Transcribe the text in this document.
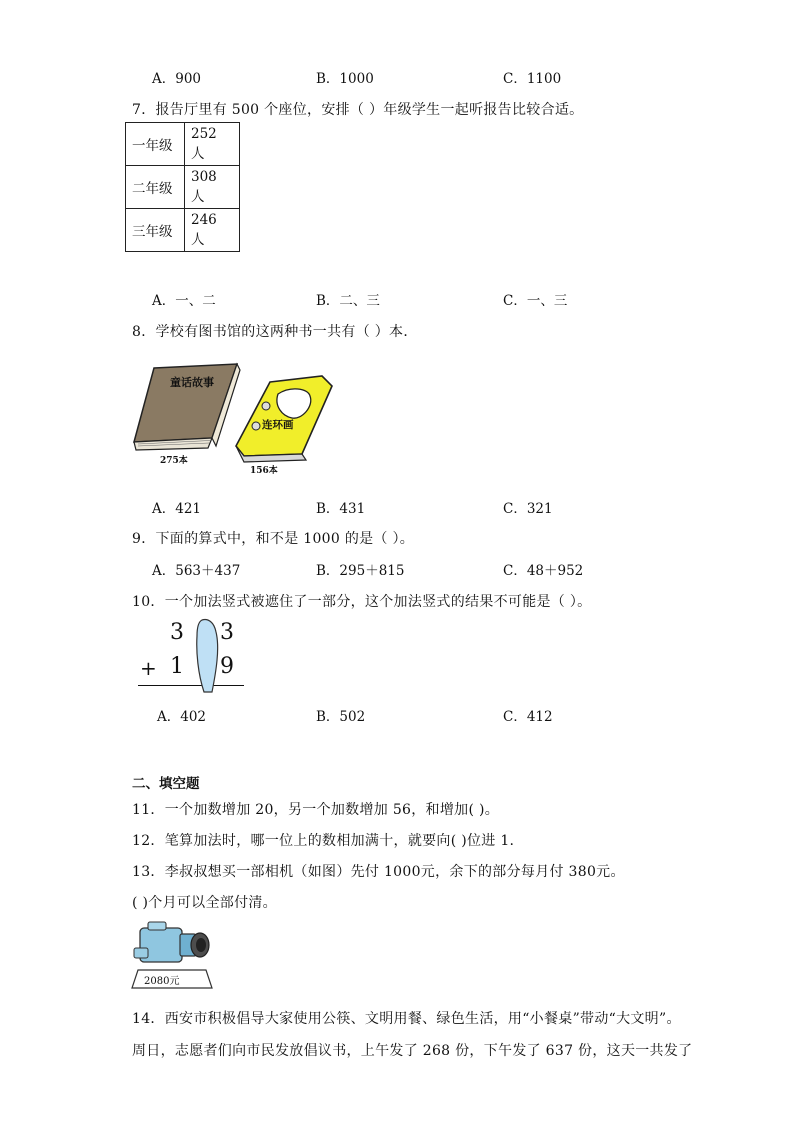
A．900	B．1000	C．1100
7．报告厅里有 500 个座位，安排（ ）年级学生一起听报告比较合适。
一年级	252 人
二年级	308 人
三年级	246 人
A．一、二	B．二、三	C．一、三
8．学校有图书馆的这两种书一共有（ ）本．
童话故事
275本
连环画
156本
A．421	B．431	C．321
9．下面的算式中，和不是 1000 的是（ ）。
A．563＋437	B．295＋815	C．48＋952
10．一个加法竖式被遮住了一部分，这个加法竖式的结果不可能是（ ）。
3 3
+ 1 9
A．402	B．502	C．412
二、填空题
11．一个加数增加 20，另一个加数增加 56，和增加( )。
12．笔算加法时，哪一位上的数相加满十，就要向( )位进 1.
13．李叔叔想买一部相机（如图）先付 1000元，余下的部分每月付 380元。
( )个月可以全部付清。
2080元
14．西安市积极倡导大家使用公筷、文明用餐、绿色生活，用“小餐桌”带动“大文明”。
周日，志愿者们向市民发放倡议书，上午发了 268 份，下午发了 637 份，这天一共发了
